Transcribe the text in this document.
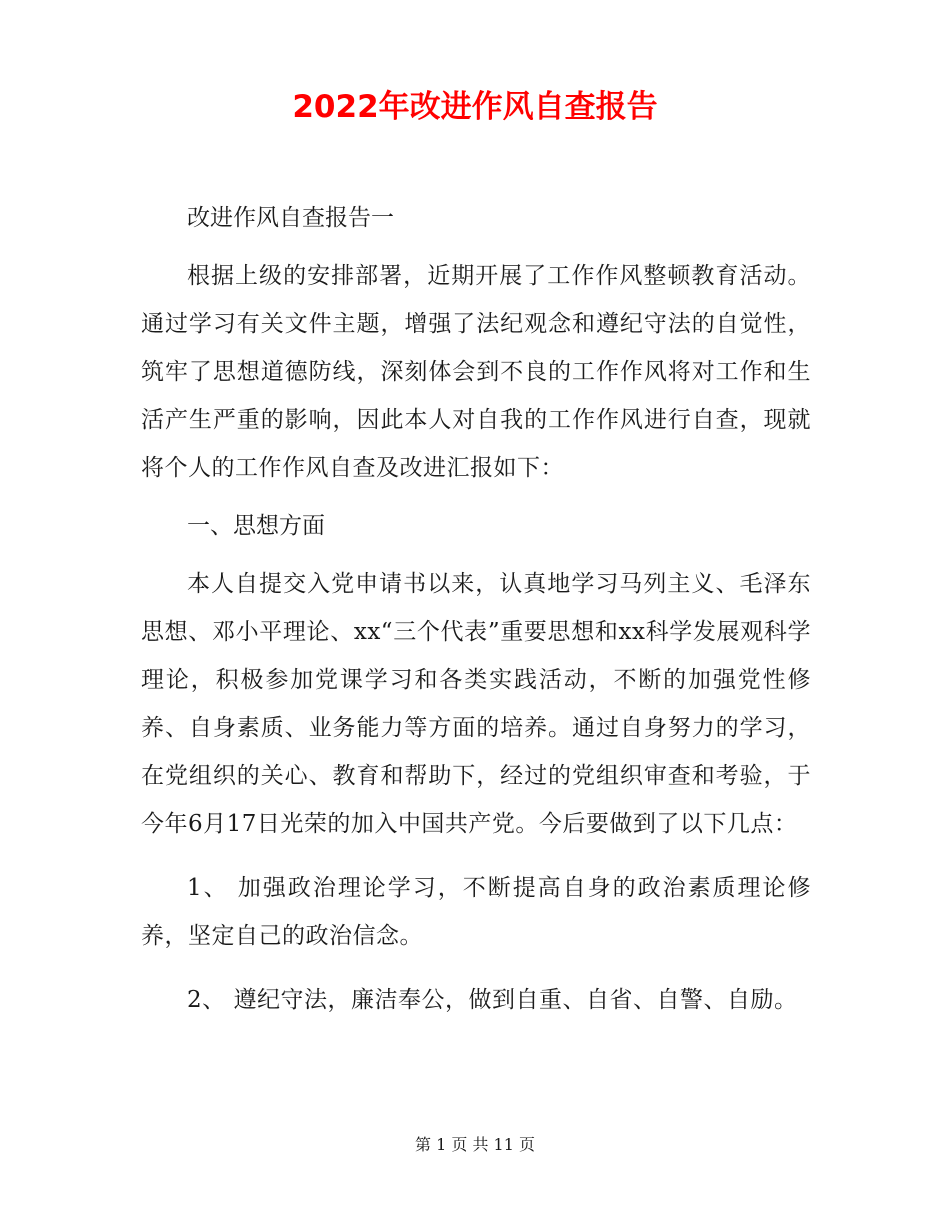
2022年改进作风自查报告

改进作风自查报告一

根据上级的安排部署，近期开展了工作作风整顿教育活动。通过学习有关文件主题，增强了法纪观念和遵纪守法的自觉性，筑牢了思想道德防线，深刻体会到不良的工作作风将对工作和生活产生严重的影响，因此本人对自我的工作作风进行自查，现就将个人的工作作风自查及改进汇报如下：

一、思想方面

本人自提交入党申请书以来，认真地学习马列主义、毛泽东思想、邓小平理论、xx“三个代表”重要思想和xx科学发展观科学理论，积极参加党课学习和各类实践活动，不断的加强党性修养、自身素质、业务能力等方面的培养。通过自身努力的学习，在党组织的关心、教育和帮助下，经过的党组织审查和考验，于今年6月17日光荣的加入中国共产党。今后要做到了以下几点：

1、 加强政治理论学习，不断提高自身的政治素质理论修养，坚定自己的政治信念。

2、 遵纪守法，廉洁奉公，做到自重、自省、自警、自励。

第 1 页 共 11 页
